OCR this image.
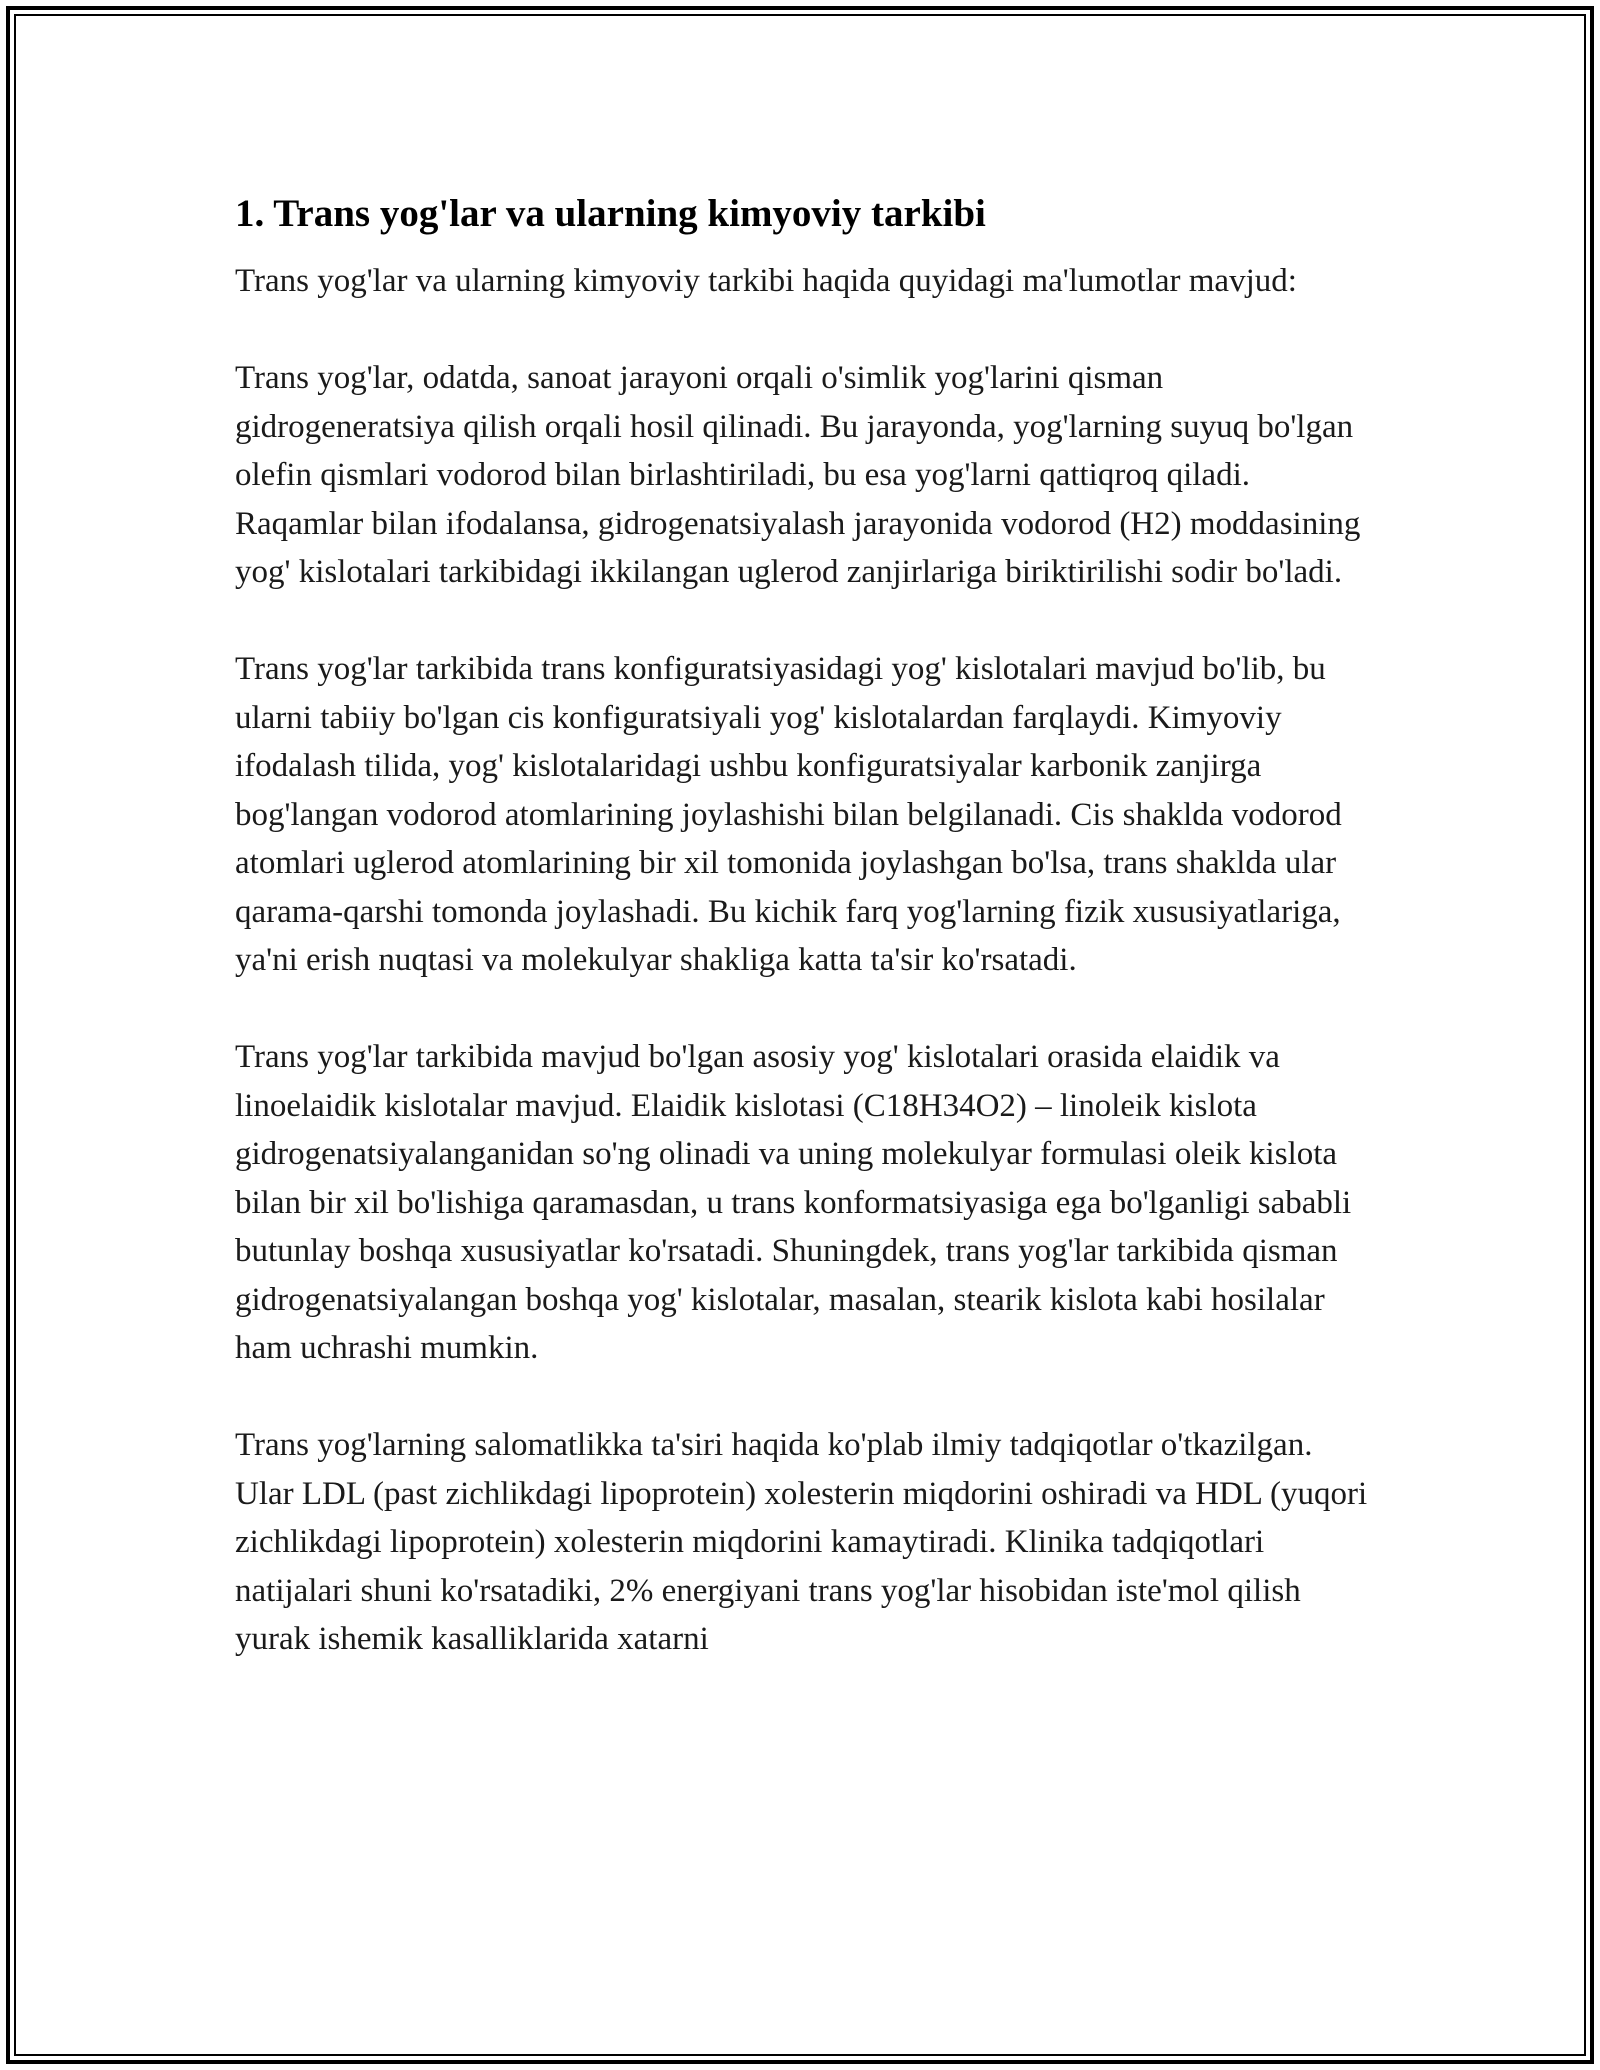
1. Trans yog'lar va ularning kimyoviy tarkibi

Trans yog'lar va ularning kimyoviy tarkibi haqida quyidagi ma'lumotlar mavjud:

Trans yog'lar, odatda, sanoat jarayoni orqali o'simlik yog'larini qisman gidrogeneratsiya qilish orqali hosil qilinadi. Bu jarayonda, yog'larning suyuq bo'lgan olefin qismlari vodorod bilan birlashtiriladi, bu esa yog'larni qattiqroq qiladi. Raqamlar bilan ifodalansa, gidrogenatsiyalash jarayonida vodorod (H2) moddasining yog' kislotalari tarkibidagi ikkilangan uglerod zanjirlariga biriktirilishi sodir bo'ladi.

Trans yog'lar tarkibida trans konfiguratsiyasidagi yog' kislotalari mavjud bo'lib, bu ularni tabiiy bo'lgan cis konfiguratsiyali yog' kislotalardan farqlaydi. Kimyoviy ifodalash tilida, yog' kislotalaridagi ushbu konfiguratsiyalar karbonik zanjirga bog'langan vodorod atomlarining joylashishi bilan belgilanadi. Cis shaklda vodorod atomlari uglerod atomlarining bir xil tomonida joylashgan bo'lsa, trans shaklda ular qarama-qarshi tomonda joylashadi. Bu kichik farq yog'larning fizik xususiyatlariga, ya'ni erish nuqtasi va molekulyar shakliga katta ta'sir ko'rsatadi.

Trans yog'lar tarkibida mavjud bo'lgan asosiy yog' kislotalari orasida elaidik va linoelaidik kislotalar mavjud. Elaidik kislotasi (C18H34O2) – linoleik kislota gidrogenatsiyalanganidan so'ng olinadi va uning molekulyar formulasi oleik kislota bilan bir xil bo'lishiga qaramasdan, u trans konformatsiyasiga ega bo'lganligi sababli butunlay boshqa xususiyatlar ko'rsatadi. Shuningdek, trans yog'lar tarkibida qisman gidrogenatsiyalangan boshqa yog' kislotalar, masalan, stearik kislota kabi hosilalar ham uchrashi mumkin.

Trans yog'larning salomatlikka ta'siri haqida ko'plab ilmiy tadqiqotlar o'tkazilgan. Ular LDL (past zichlikdagi lipoprotein) xolesterin miqdorini oshiradi va HDL (yuqori zichlikdagi lipoprotein) xolesterin miqdorini kamaytiradi. Klinika tadqiqotlari natijalari shuni ko'rsatadiki, 2% energiyani trans yog'lar hisobidan iste'mol qilish yurak ishemik kasalliklarida xatarni
